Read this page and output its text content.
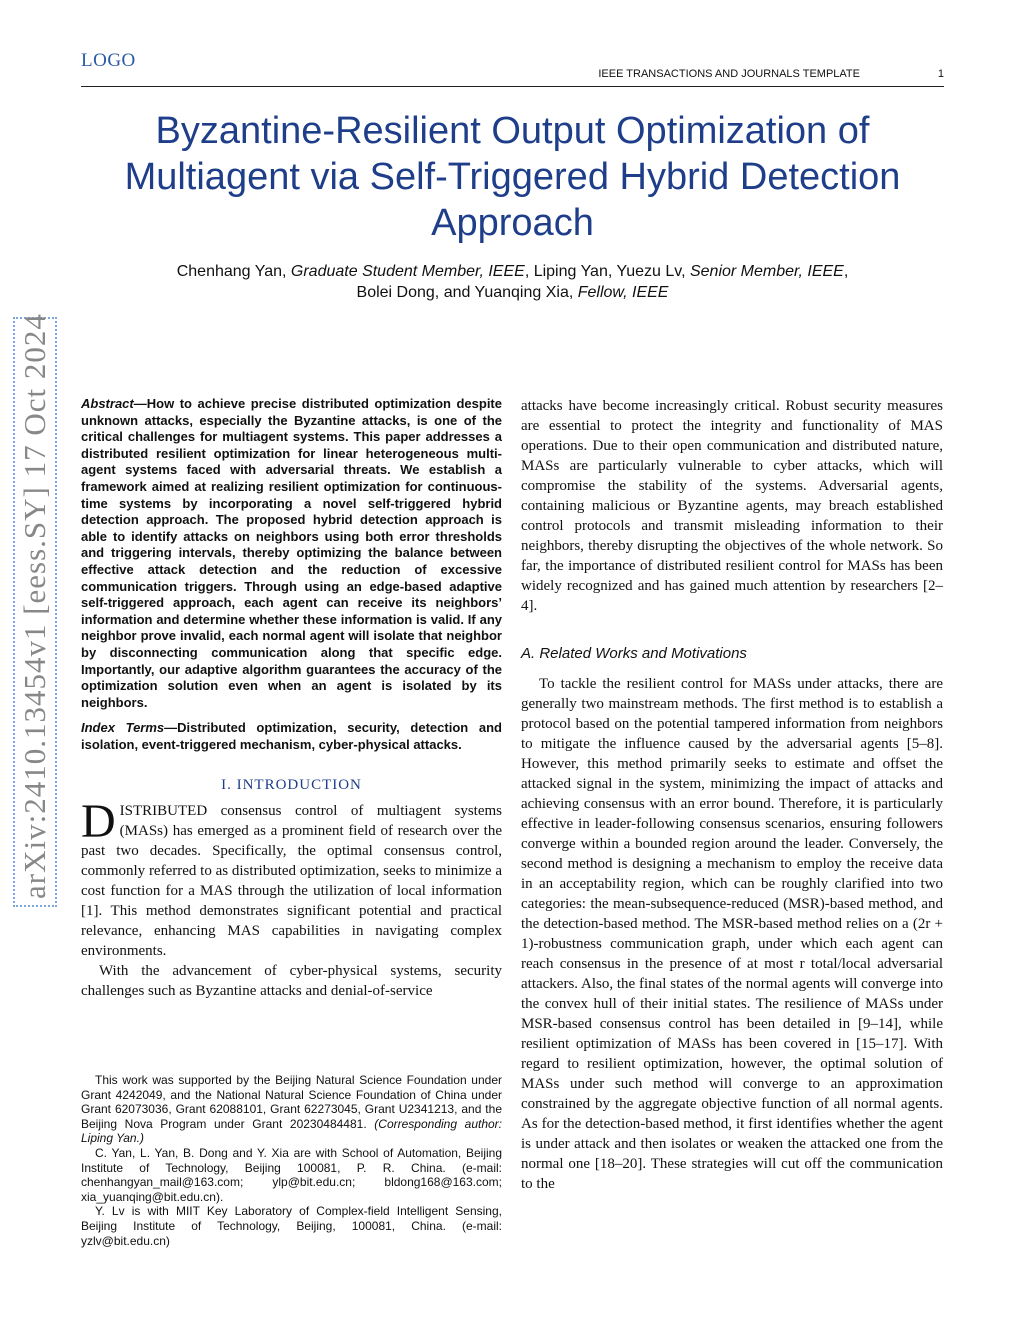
LOGO
IEEE TRANSACTIONS AND JOURNALS TEMPLATE	1
arXiv:2410.13454v1 [eess.SY] 17 Oct 2024
Byzantine-Resilient Output Optimization of Multiagent via Self-Triggered Hybrid Detection Approach
Chenhang Yan, Graduate Student Member, IEEE, Liping Yan, Yuezu Lv, Senior Member, IEEE,
Bolei Dong, and Yuanqing Xia, Fellow, IEEE
Abstract—How to achieve precise distributed optimization despite unknown attacks, especially the Byzantine attacks, is one of the critical challenges for multiagent systems. This paper addresses a distributed resilient optimization for linear heterogeneous multi-agent systems faced with adversarial threats. We establish a framework aimed at realizing resilient optimization for continuous-time systems by incorporating a novel self-triggered hybrid detection approach. The proposed hybrid detection approach is able to identify attacks on neighbors using both error thresholds and triggering intervals, thereby optimizing the balance between effective attack detection and the reduction of excessive communication triggers. Through using an edge-based adaptive self-triggered approach, each agent can receive its neighbors’ information and determine whether these information is valid. If any neighbor prove invalid, each normal agent will isolate that neighbor by disconnecting communication along that specific edge. Importantly, our adaptive algorithm guarantees the accuracy of the optimization solution even when an agent is isolated by its neighbors.
Index Terms—Distributed optimization, security, detection and isolation, event-triggered mechanism, cyber-physical attacks.
I. INTRODUCTION

DISTRIBUTED consensus control of multiagent systems (MASs) has emerged as a prominent field of research over the past two decades. Specifically, the optimal consensus control, commonly referred to as distributed optimization, seeks to minimize a cost function for a MAS through the utilization of local information [1]. This method demonstrates significant potential and practical relevance, enhancing MAS capabilities in navigating complex environments.

With the advancement of cyber-physical systems, security challenges such as Byzantine attacks and denial-of-service

This work was supported by the Beijing Natural Science Foundation under Grant 4242049, and the National Natural Science Foundation of China under Grant 62073036, Grant 62088101, Grant 62273045, Grant U2341213, and the Beijing Nova Program under Grant 20230484481. (Corresponding author: Liping Yan.)

C. Yan, L. Yan, B. Dong and Y. Xia are with School of Automation, Beijing Institute of Technology, Beijing 100081, P. R. China. (e-mail: chenhangyan_mail@163.com; ylp@bit.edu.cn; bldong168@163.com; xia_yuanqing@bit.edu.cn).

Y. Lv is with MIIT Key Laboratory of Complex-field Intelligent Sensing, Beijing Institute of Technology, Beijing, 100081, China. (e-mail: yzlv@bit.edu.cn)

attacks have become increasingly critical. Robust security measures are essential to protect the integrity and functionality of MAS operations. Due to their open communication and distributed nature, MASs are particularly vulnerable to cyber attacks, which will compromise the stability of the systems. Adversarial agents, containing malicious or Byzantine agents, may breach established control protocols and transmit misleading information to their neighbors, thereby disrupting the objectives of the whole network. So far, the importance of distributed resilient control for MASs has been widely recognized and has gained much attention by researchers [2–4].

A. Related Works and Motivations

To tackle the resilient control for MASs under attacks, there are generally two mainstream methods. The first method is to establish a protocol based on the potential tampered information from neighbors to mitigate the influence caused by the adversarial agents [5–8]. However, this method primarily seeks to estimate and offset the attacked signal in the system, minimizing the impact of attacks and achieving consensus with an error bound. Therefore, it is particularly effective in leader-following consensus scenarios, ensuring followers converge within a bounded region around the leader. Conversely, the second method is designing a mechanism to employ the receive data in an acceptability region, which can be roughly clarified into two categories: the mean-subsequence-reduced (MSR)-based method, and the detection-based method. The MSR-based method relies on a (2r + 1)-robustness communication graph, under which each agent can reach consensus in the presence of at most r total/local adversarial attackers. Also, the final states of the normal agents will converge into the convex hull of their initial states. The resilience of MASs under MSR-based consensus control has been detailed in [9–14], while resilient optimization of MASs has been covered in [15–17]. With regard to resilient optimization, however, the optimal solution of MASs under such method will converge to an approximation constrained by the aggregate objective function of all normal agents. As for the detection-based method, it first identifies whether the agent is under attack and then isolates or weaken the attacked one from the normal one [18–20]. These strategies will cut off the communication to the
